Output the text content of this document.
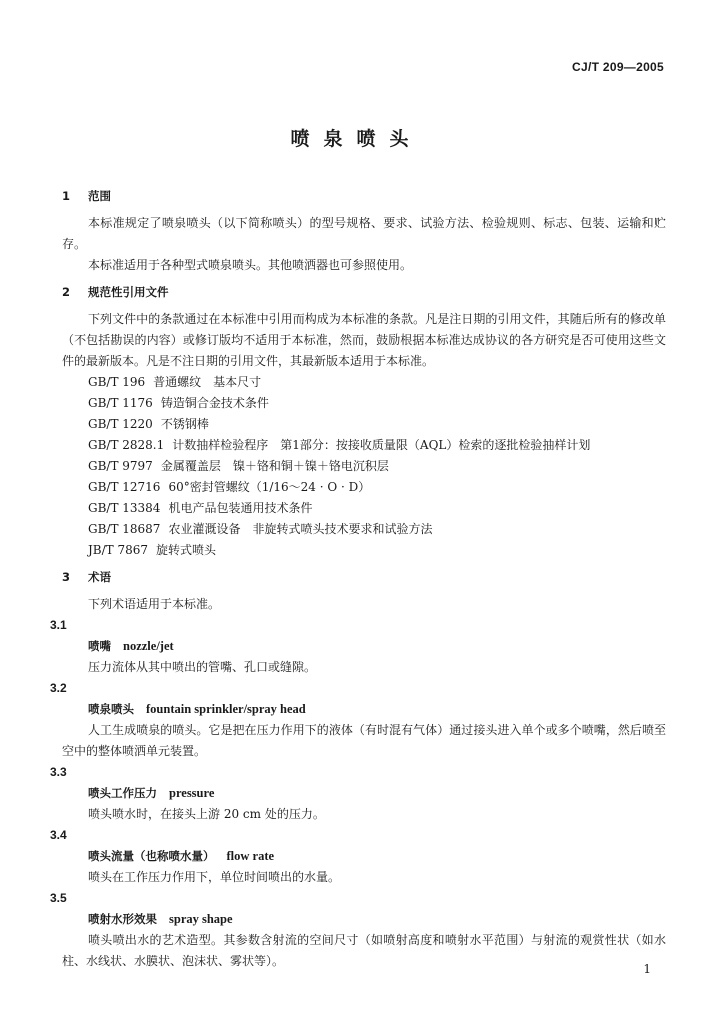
CJ/T 209—2005
喷泉喷头

1 范围

本标准规定了喷泉喷头（以下简称喷头）的型号规格、要求、试验方法、检验规则、标志、包装、运输和贮存。

本标准适用于各种型式喷泉喷头。其他喷洒器也可参照使用。

2 规范性引用文件

下列文件中的条款通过在本标准中引用而构成为本标准的条款。凡是注日期的引用文件，其随后所有的修改单（不包括勘误的内容）或修订版均不适用于本标准，然而，鼓励根据本标准达成协议的各方研究是否可使用这些文件的最新版本。凡是不注日期的引用文件，其最新版本适用于本标准。

GB/T 196 普通螺纹　基本尺寸

GB/T 1176 铸造铜合金技术条件

GB/T 1220 不锈钢棒

GB/T 2828.1 计数抽样检验程序　第1部分：按接收质量限（AQL）检索的逐批检验抽样计划

GB/T 9797 金属覆盖层　镍＋铬和铜＋镍＋铬电沉积层

GB/T 12716 60°密封管螺纹（1/16～24 · O · D）

GB/T 13384 机电产品包装通用技术条件

GB/T 18687 农业灌溉设备　非旋转式喷头技术要求和试验方法

JB/T 7867 旋转式喷头

3 术语

下列术语适用于本标准。

3.1

喷嘴 nozzle/jet

压力流体从其中喷出的管嘴、孔口或缝隙。

3.2

喷泉喷头 fountain sprinkler/spray head

人工生成喷泉的喷头。它是把在压力作用下的液体（有时混有气体）通过接头进入单个或多个喷嘴，然后喷至空中的整体喷洒单元装置。

3.3

喷头工作压力 pressure

喷头喷水时，在接头上游 20 cm 处的压力。

3.4

喷头流量（也称喷水量） flow rate

喷头在工作压力作用下，单位时间喷出的水量。

3.5

喷射水形效果 spray shape

喷头喷出水的艺术造型。其参数含射流的空间尺寸（如喷射高度和喷射水平范围）与射流的观赏性状（如水柱、水线状、水膜状、泡沫状、雾状等）。

1
